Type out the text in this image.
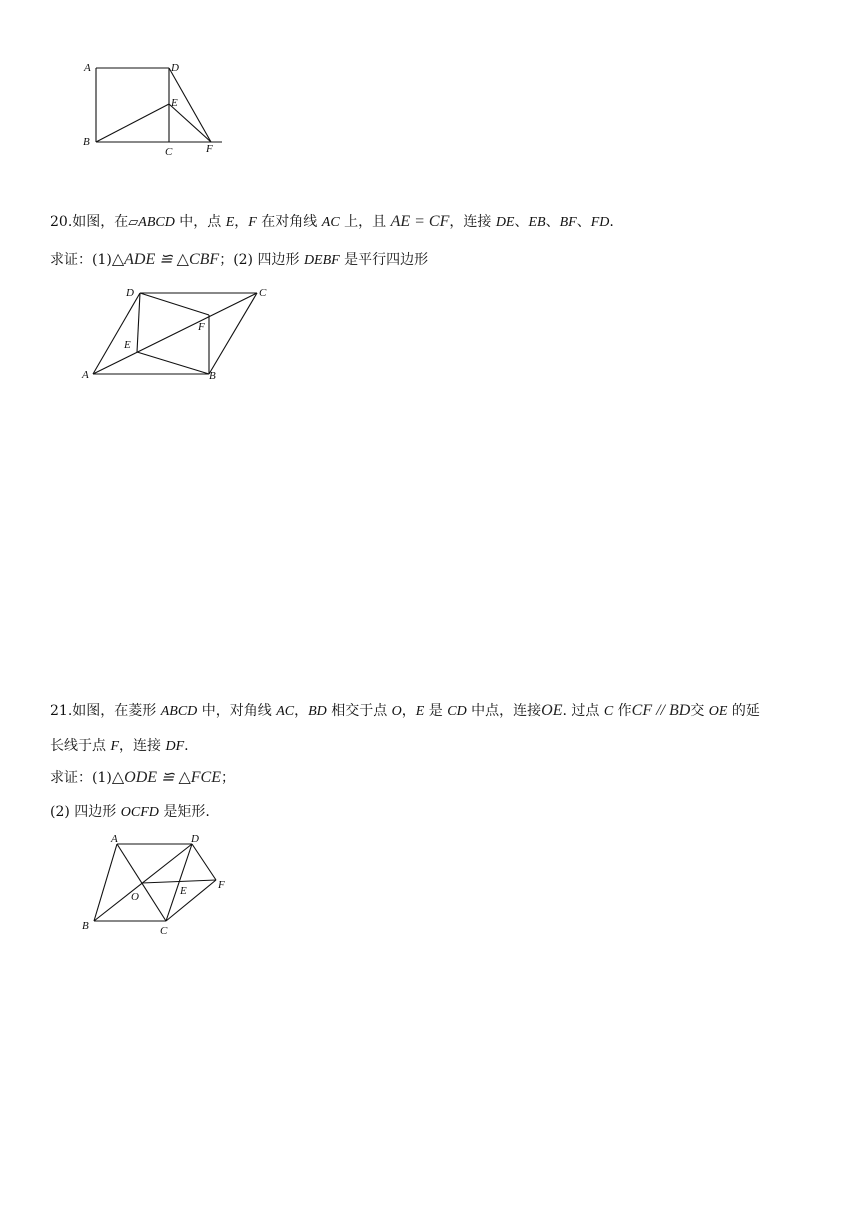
A	D
E
B
C	F
20.如图，在▱ABCD 中，点 E，F 在对角线 AC 上，且 AE = CF，连接 DE、EB、BF、FD.
求证：(1)△ADE ≌ △CBF；(2) 四边形 DEBF 是平行四边形
D	C
F
E
A	B
21.如图，在菱形 ABCD 中，对角线 AC，BD 相交于点 O，E 是 CD 中点，连接OE. 过点 C 作CF // BD交 OE 的延
长线于点 F，连接 DF.
求证：(1)△ODE ≌ △FCE；
(2) 四边形 OCFD 是矩形.
A	D
E	F
O
B	C
